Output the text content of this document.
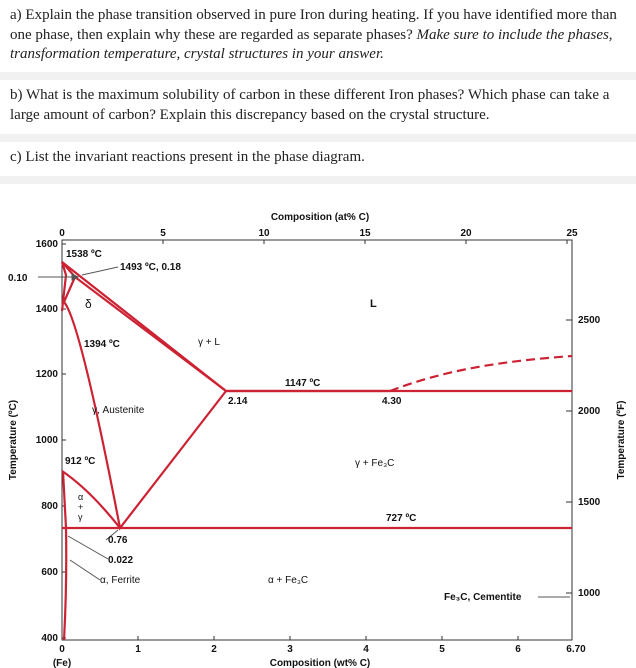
a) Explain the phase transition observed in pure Iron during heating. If you have identified more than one phase, then explain why these are regarded as separate phases? Make sure to include the phases, transformation temperature, crystal structures in your answer.

b) What is the maximum solubility of carbon in these different Iron phases? Which phase can take a large amount of carbon? Explain this discrepancy based on the crystal structure.

c) List the invariant reactions present in the phase diagram.

Composition (at% C)
0	5	10	15	20	25
0	1	2	3	4	5	6	6.70
(Fe)	Composition (wt% C)
Temperature (ºC)
1600
1400
1200
1000
800
600
400
Temperature (ºF)
2500
2000
1500
1000
1538 ºC
1493 ºC, 0.18
0.10
δ
1394 ºC	γ + L
L
1147 ºC
2.14	4.30
γ, Austenite
912 ºC	γ + Fe₃C
727 ºC
α
+
γ
0.76
0.022
α, Ferrite	α + Fe₃C
Fe₃C, Cementite
